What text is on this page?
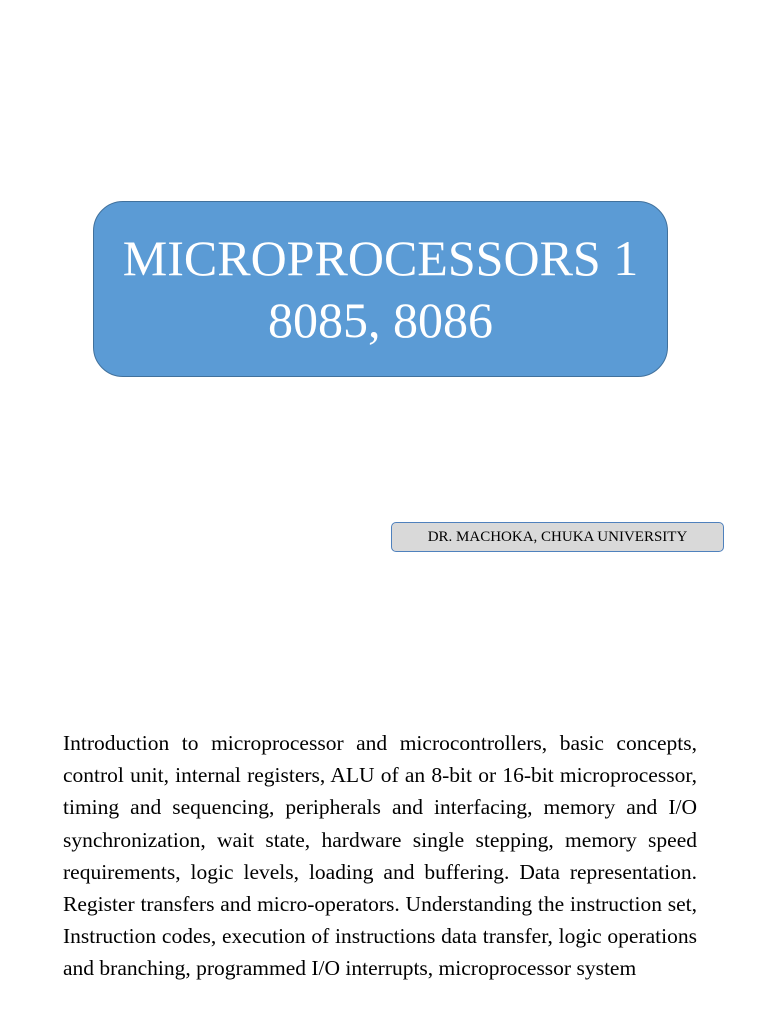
MICROPROCESSORS 1
8085, 8086
DR. MACHOKA, CHUKA UNIVERSITY

Introduction to microprocessor and microcontrollers, basic concepts, control unit, internal registers, ALU of an 8-bit or 16-bit microprocessor, timing and sequencing, peripherals and interfacing, memory and I/O synchronization, wait state, hardware single stepping, memory speed requirements, logic levels, loading and buffering. Data representation. Register transfers and micro-operators. Understanding the instruction set, Instruction codes, execution of instructions data transfer, logic operations and branching, programmed I/O interrupts, microprocessor system
